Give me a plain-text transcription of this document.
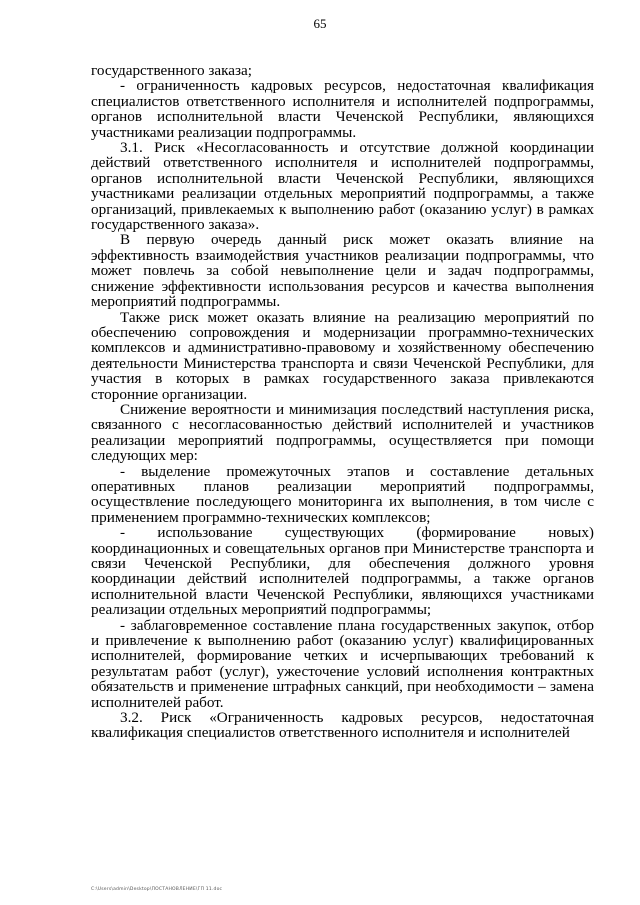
65

государственного заказа;

- ограниченность кадровых ресурсов, недостаточная квалификация специалистов ответственного исполнителя и исполнителей подпрограммы, органов исполнительной власти Чеченской Республики, являющихся участниками реализации подпрограммы.

3.1. Риск «Несогласованность и отсутствие должной координации действий ответственного исполнителя и исполнителей подпрограммы, органов исполнительной власти Чеченской Республики, являющихся участниками реализации отдельных мероприятий подпрограммы, а также организаций, привлекаемых к выполнению работ (оказанию услуг) в рамках государственного заказа».

В первую очередь данный риск может оказать влияние на эффективность взаимодействия участников реализации подпрограммы, что может повлечь за собой невыполнение цели и задач подпрограммы, снижение эффективности использования ресурсов и качества выполнения мероприятий подпрограммы.

Также риск может оказать влияние на реализацию мероприятий по обеспечению сопровождения и модернизации программно-технических комплексов и административно-правовому и хозяйственному обеспечению деятельности Министерства транспорта и связи Чеченской Республики, для участия в которых в рамках государственного заказа привлекаются сторонние организации.

Снижение вероятности и минимизация последствий наступления риска, связанного с несогласованностью действий исполнителей и участников реализации мероприятий подпрограммы, осуществляется при помощи следующих мер:

- выделение промежуточных этапов и составление детальных оперативных планов реализации мероприятий подпрограммы, осуществление последующего мониторинга их выполнения, в том числе с применением программно-технических комплексов;

- использование существующих (формирование новых) координационных и совещательных органов при Министерстве транспорта и связи Чеченской Республики, для обеспечения должного уровня координации действий исполнителей подпрограммы, а также органов исполнительной власти Чеченской Республики, являющихся участниками реализации отдельных мероприятий подпрограммы;

- заблаговременное составление плана государственных закупок, отбор и привлечение к выполнению работ (оказанию услуг) квалифицированных исполнителей, формирование четких и исчерпывающих требований к результатам работ (услуг), ужесточение условий исполнения контрактных обязательств и применение штрафных санкций, при необходимости – замена исполнителей работ.

3.2. Риск «Ограниченность кадровых ресурсов, недостаточная квалификация специалистов ответственного исполнителя и исполнителей

C:\Users\admin\Desktop\ПОСТАНОВЛЕНИЕ\ГП 11.doc
